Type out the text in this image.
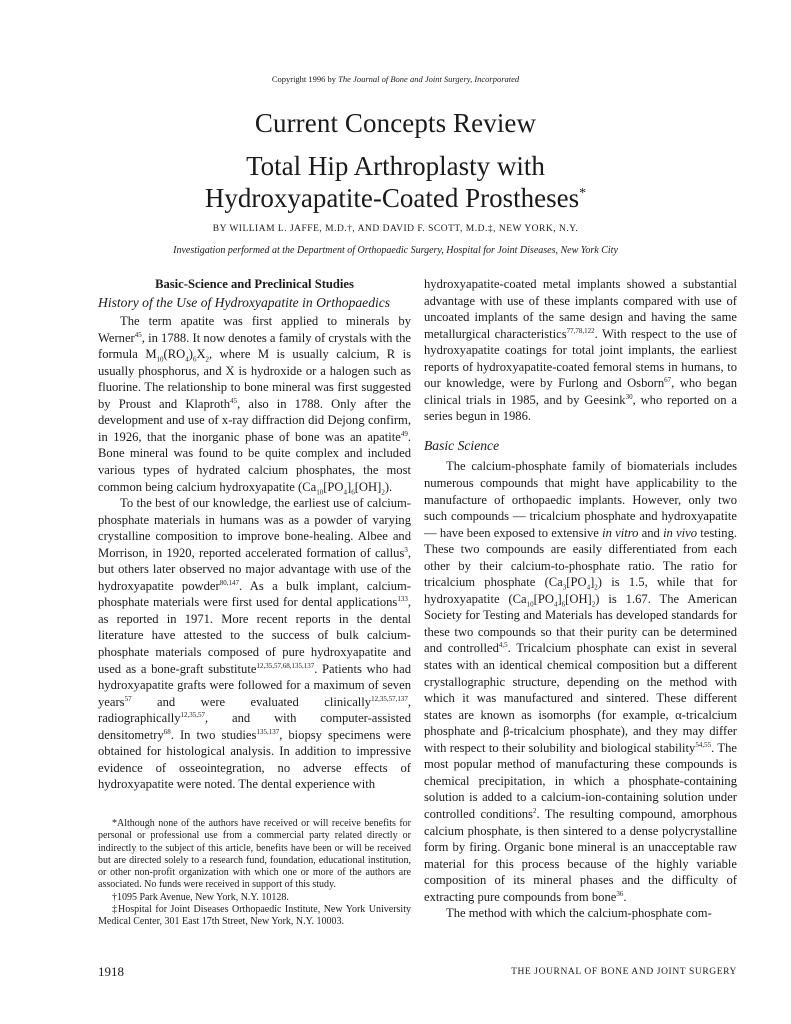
Copyright 1996 by The Journal of Bone and Joint Surgery, Incorporated
Current Concepts Review
Total Hip Arthroplasty with
Hydroxyapatite-Coated Prostheses*
BY WILLIAM L. JAFFE, M.D.†, AND DAVID F. SCOTT, M.D.‡, NEW YORK, N.Y.
Investigation performed at the Department of Orthopaedic Surgery, Hospital for Joint Diseases, New York City
Basic-Science and Preclinical Studies
History of the Use of Hydroxyapatite in Orthopaedics

The term apatite was first applied to minerals by Werner$^{45}$, in 1788. It now denotes a family of crystals with the formula $M_{10}(RO_4)_6X_2$, where M is usually calcium, R is usually phosphorus, and X is hydroxide or a halogen such as fluorine. The relationship to bone mineral was first suggested by Proust and Klaproth$^{45}$, also in 1788. Only after the development and use of x-ray diffraction did Dejong confirm, in 1926, that the inorganic phase of bone was an apatite$^{49}$. Bone mineral was found to be quite complex and included various types of hydrated calcium phosphates, the most common being calcium hydroxyapatite $(Ca_{10}[PO_4]_6[OH]_2)$.

To the best of our knowledge, the earliest use of calcium-phosphate materials in humans was as a powder of varying crystalline composition to improve bone-healing. Albee and Morrison, in 1920, reported accelerated formation of callus$^3$, but others later observed no major advantage with use of the hydroxyapatite powder$^{80,147}$. As a bulk implant, calcium-phosphate materials were first used for dental applications$^{133}$, as reported in 1971. More recent reports in the dental literature have attested to the success of bulk calcium-phosphate materials composed of pure hydroxyapatite and used as a bone-graft substitute$^{12,35,57,68,135,137}$. Patients who had hydroxyapatite grafts were followed for a maximum of seven years$^{57}$ and were evaluated clinically$^{12,35,57,137}$, radiographically$^{12,35,57}$, and with computer-assisted densitometry$^{68}$. In two studies$^{135,137}$, biopsy specimens were obtained for histological analysis. In addition to impressive evidence of osseointegration, no adverse effects of hydroxyapatite were noted. The dental experience with

*Although none of the authors have received or will receive benefits for personal or professional use from a commercial party related directly or indirectly to the subject of this article, benefits have been or will be received but are directed solely to a research fund, foundation, educational institution, or other non-profit organization with which one or more of the authors are associated. No funds were received in support of this study.

†1095 Park Avenue, New York, N.Y. 10128.

‡Hospital for Joint Diseases Orthopaedic Institute, New York University Medical Center, 301 East 17th Street, New York, N.Y. 10003.

hydroxyapatite-coated metal implants showed a substantial advantage with use of these implants compared with use of uncoated implants of the same design and having the same metallurgical characteristics$^{77,78,122}$. With respect to the use of hydroxyapatite coatings for total joint implants, the earliest reports of hydroxyapatite-coated femoral stems in humans, to our knowledge, were by Furlong and Osborn$^{67}$, who began clinical trials in 1985, and by Geesink$^{30}$, who reported on a series begun in 1986.

Basic Science

The calcium-phosphate family of biomaterials includes numerous compounds that might have applicability to the manufacture of orthopaedic implants. However, only two such compounds — tricalcium phosphate and hydroxyapatite — have been exposed to extensive in vitro and in vivo testing. These two compounds are easily differentiated from each other by their calcium-to-phosphate ratio. The ratio for tricalcium phosphate $(Ca_3[PO_4]_2)$ is 1.5, while that for hydroxyapatite $(Ca_{10}[PO_4]_6[OH]_2)$ is 1.67. The American Society for Testing and Materials has developed standards for these two compounds so that their purity can be determined and controlled$^{4,5}$. Tricalcium phosphate can exist in several states with an identical chemical composition but a different crystallographic structure, depending on the method with which it was manufactured and sintered. These different states are known as isomorphs (for example, α-tricalcium phosphate and β-tricalcium phosphate), and they may differ with respect to their solubility and biological stability$^{54,55}$. The most popular method of manufacturing these compounds is chemical precipitation, in which a phosphate-containing solution is added to a calcium-ion-containing solution under controlled conditions$^2$. The resulting compound, amorphous calcium phosphate, is then sintered to a dense polycrystalline form by firing. Organic bone mineral is an unacceptable raw material for this process because of the highly variable composition of its mineral phases and the difficulty of extracting pure compounds from bone$^{36}$.

The method with which the calcium-phosphate com-

1918	THE JOURNAL OF BONE AND JOINT SURGERY
